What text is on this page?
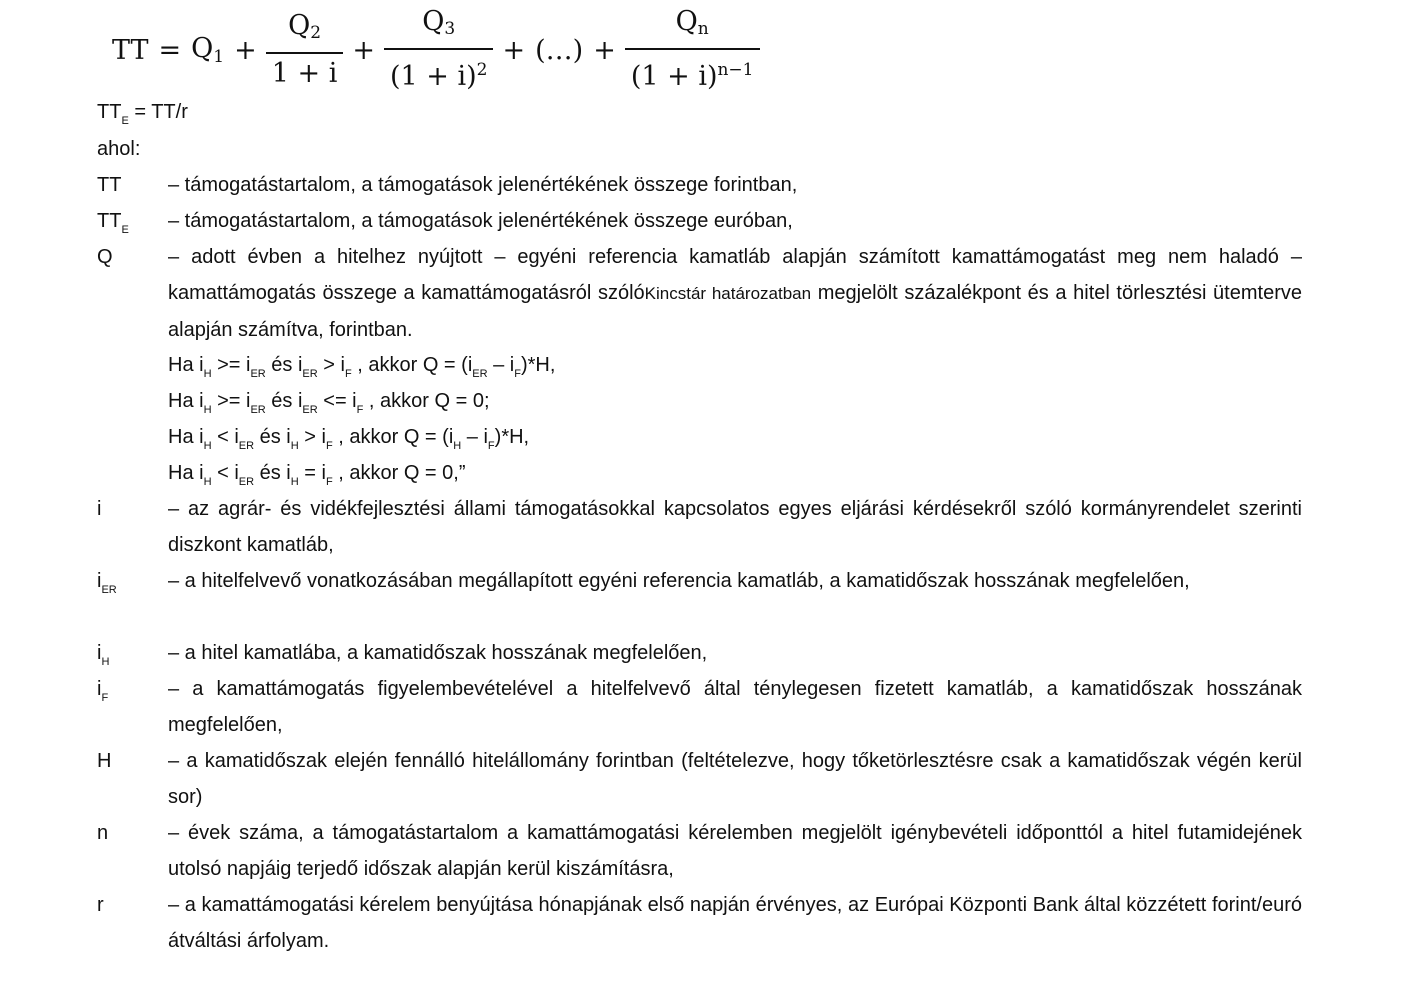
TT = $Q_1 + \frac{Q_2}{1 + i} + \frac{Q_3}{(1 + i)^2}$ + (…) + $\frac{Q_n}{(1 + i)^{n-1}}$
$TT_E = TT/r$
ahol:
TT – támogatástartalom, a támogatások jelenértékének összege forintban,
$TT_E$ – támogatástartalom, a támogatások jelenértékének összege euróban,
Q	– adott évben a hitelhez nyújtott – egyéni referencia kamatláb alapján számított kamattámogatást meg nem haladó – kamattámogatás összege a kamattámogatásról szólóKincstár határozatban megjelölt százalékpont és a hitel törlesztési ütemterve alapján számítva, forintban.
Ha $i_H >= i_{ER}$ és $i_{ER} > i_F$ , akkor $Q = (i_{ER} - i_F)*H$,
Ha $i_H >= i_{ER}$ és $i_{ER} <= i_F$ , akkor Q = 0;
Ha $i_H < i_{ER}$ és $i_H > i_F$ , akkor $Q = (i_H - i_F)*H$,
Ha $i_H < i_{ER}$ és $i_H = i_F$ , akkor Q = 0,”
i	– az agrár- és vidékfejlesztési állami támogatásokkal kapcsolatos egyes eljárási kérdésekről szóló kormányrendelet szerinti diszkont kamatláb,
$i_{ER}$	– a hitelfelvevő vonatkozásában megállapított egyéni referencia kamatláb, a kamatidőszak hosszának megfelelően,
$i_H$	– a hitel kamatlába, a kamatidőszak hosszának megfelelően,
$i_F$	– a kamattámogatás figyelembevételével a hitelfelvevő által ténylegesen fizetett kamatláb, a kamatidőszak hosszának megfelelően,
H	– a kamatidőszak elején fennálló hitelállomány forintban (feltételezve, hogy tőketörlesztésre csak a kamatidőszak végén kerül sor)
n	– évek száma, a támogatástartalom a kamattámogatási kérelemben megjelölt igénybevételi időponttól a hitel futamidejének utolsó napjáig terjedő időszak alapján kerül kiszámításra,
r	– a kamattámogatási kérelem benyújtása hónapjának első napján érvényes, az Európai Központi Bank által közzétett forint/euró átváltási árfolyam.
